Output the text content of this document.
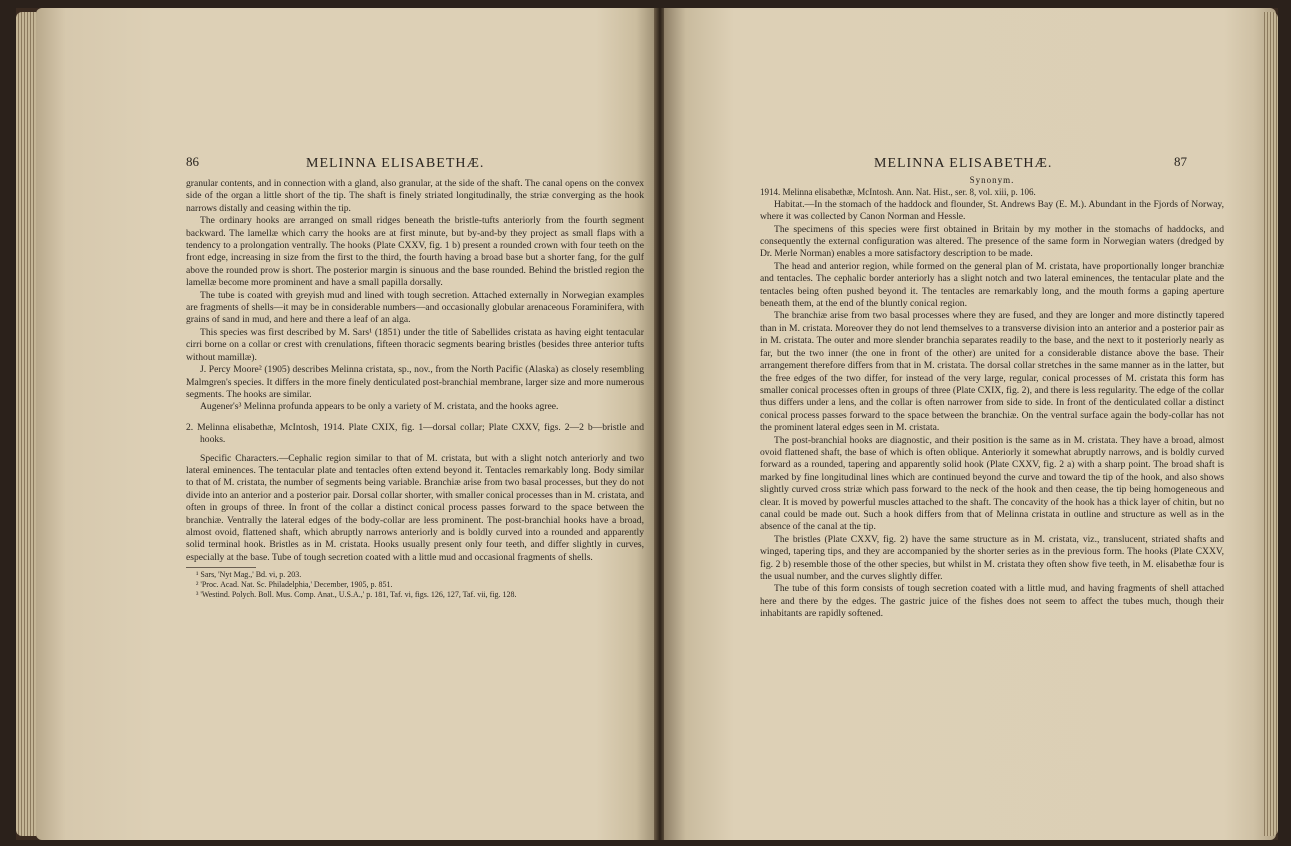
86	MELINNA ELISABETHÆ.

granular contents, and in connection with a gland, also granular, at the side of the shaft. The canal opens on the convex side of the organ a little short of the tip. The shaft is finely striated longitudinally, the striæ converging as the hook narrows distally and ceasing within the tip.

The ordinary hooks are arranged on small ridges beneath the bristle-tufts anteriorly from the fourth segment backward. The lamellæ which carry the hooks are at first minute, but by-and-by they project as small flaps with a tendency to a prolongation ventrally. The hooks (Plate CXXV, fig. 1 b) present a rounded crown with four teeth on the front edge, increasing in size from the first to the third, the fourth having a broad base but a shorter fang, for the gulf above the rounded prow is short. The posterior margin is sinuous and the base rounded. Behind the bristled region the lamellæ become more prominent and have a small papilla dorsally.

The tube is coated with greyish mud and lined with tough secretion. Attached externally in Norwegian examples are fragments of shells—it may be in considerable numbers—and occasionally globular arenaceous Foraminifera, with grains of sand in mud, and here and there a leaf of an alga.

This species was first described by M. Sars¹ (1851) under the title of Sabellides cristata as having eight tentacular cirri borne on a collar or crest with crenulations, fifteen thoracic segments bearing bristles (besides three anterior tufts without mamillæ).

J. Percy Moore² (1905) describes Melinna cristata, sp., nov., from the North Pacific (Alaska) as closely resembling Malmgren's species. It differs in the more finely denticulated post-branchial membrane, larger size and more numerous segments. The hooks are similar.

Augener's³ Melinna profunda appears to be only a variety of M. cristata, and the hooks agree.

2. Melinna elisabethæ, McIntosh, 1914. Plate CXIX, fig. 1—dorsal collar; Plate CXXV, figs. 2—2 b—bristle and hooks.

Specific Characters.—Cephalic region similar to that of M. cristata, but with a slight notch anteriorly and two lateral eminences. The tentacular plate and tentacles often extend beyond it. Tentacles remarkably long. Body similar to that of M. cristata, the number of segments being variable. Branchiæ arise from two basal processes, but they do not divide into an anterior and a posterior pair. Dorsal collar shorter, with smaller conical processes than in M. cristata, and often in groups of three. In front of the collar a distinct conical process passes forward to the space between the branchiæ. Ventrally the lateral edges of the body-collar are less prominent. The post-branchial hooks have a broad, almost ovoid, flattened shaft, which abruptly narrows anteriorly and is boldly curved into a rounded and apparently solid terminal hook. Bristles as in M. cristata. Hooks usually present only four teeth, and differ slightly in curves, especially at the base. Tube of tough secretion coated with a little mud and occasional fragments of shells.

¹ Sars, 'Nyt Mag.,' Bd. vi, p. 203.

² 'Proc. Acad. Nat. Sc. Philadelphia,' December, 1905, p. 851.

³ 'Westind. Polych. Boll. Mus. Comp. Anat., U.S.A.,' p. 181, Taf. vi, figs. 126, 127, Taf. vii, fig. 128.

MELINNA ELISABETHÆ.	87

Synonym.

1914. Melinna elisabethæ, McIntosh. Ann. Nat. Hist., ser. 8, vol. xiii, p. 106.

Habitat.—In the stomach of the haddock and flounder, St. Andrews Bay (E. M.). Abundant in the Fjords of Norway, where it was collected by Canon Norman and Hessle.

The specimens of this species were first obtained in Britain by my mother in the stomachs of haddocks, and consequently the external configuration was altered. The presence of the same form in Norwegian waters (dredged by Dr. Merle Norman) enables a more satisfactory description to be made.

The head and anterior region, while formed on the general plan of M. cristata, have proportionally longer branchiæ and tentacles. The cephalic border anteriorly has a slight notch and two lateral eminences, the tentacular plate and the tentacles being often pushed beyond it. The tentacles are remarkably long, and the mouth forms a gaping aperture beneath them, at the end of the bluntly conical region.

The branchiæ arise from two basal processes where they are fused, and they are longer and more distinctly tapered than in M. cristata. Moreover they do not lend themselves to a transverse division into an anterior and a posterior pair as in M. cristata. The outer and more slender branchia separates readily to the base, and the next to it posteriorly nearly as far, but the two inner (the one in front of the other) are united for a considerable distance above the base. Their arrangement therefore differs from that in M. cristata. The dorsal collar stretches in the same manner as in the latter, but the free edges of the two differ, for instead of the very large, regular, conical processes of M. cristata this form has smaller conical processes often in groups of three (Plate CXIX, fig. 2), and there is less regularity. The edge of the collar thus differs under a lens, and the collar is often narrower from side to side. In front of the denticulated collar a distinct conical process passes forward to the space between the branchiæ. On the ventral surface again the body-collar has not the prominent lateral edges seen in M. cristata.

The post-branchial hooks are diagnostic, and their position is the same as in M. cristata. They have a broad, almost ovoid flattened shaft, the base of which is often oblique. Anteriorly it somewhat abruptly narrows, and is boldly curved forward as a rounded, tapering and apparently solid hook (Plate CXXV, fig. 2 a) with a sharp point. The broad shaft is marked by fine longitudinal lines which are continued beyond the curve and toward the tip of the hook, and also shows slightly curved cross striæ which pass forward to the neck of the hook and then cease, the tip being homogeneous and clear. It is moved by powerful muscles attached to the shaft. The concavity of the hook has a thick layer of chitin, but no canal could be made out. Such a hook differs from that of Melinna cristata in outline and structure as well as in the absence of the canal at the tip.

The bristles (Plate CXXV, fig. 2) have the same structure as in M. cristata, viz., translucent, striated shafts and winged, tapering tips, and they are accompanied by the shorter series as in the previous form. The hooks (Plate CXXV, fig. 2 b) resemble those of the other species, but whilst in M. cristata they often show five teeth, in M. elisabethæ four is the usual number, and the curves slightly differ.

The tube of this form consists of tough secretion coated with a little mud, and having fragments of shell attached here and there by the edges. The gastric juice of the fishes does not seem to affect the tubes much, though their inhabitants are rapidly softened.
